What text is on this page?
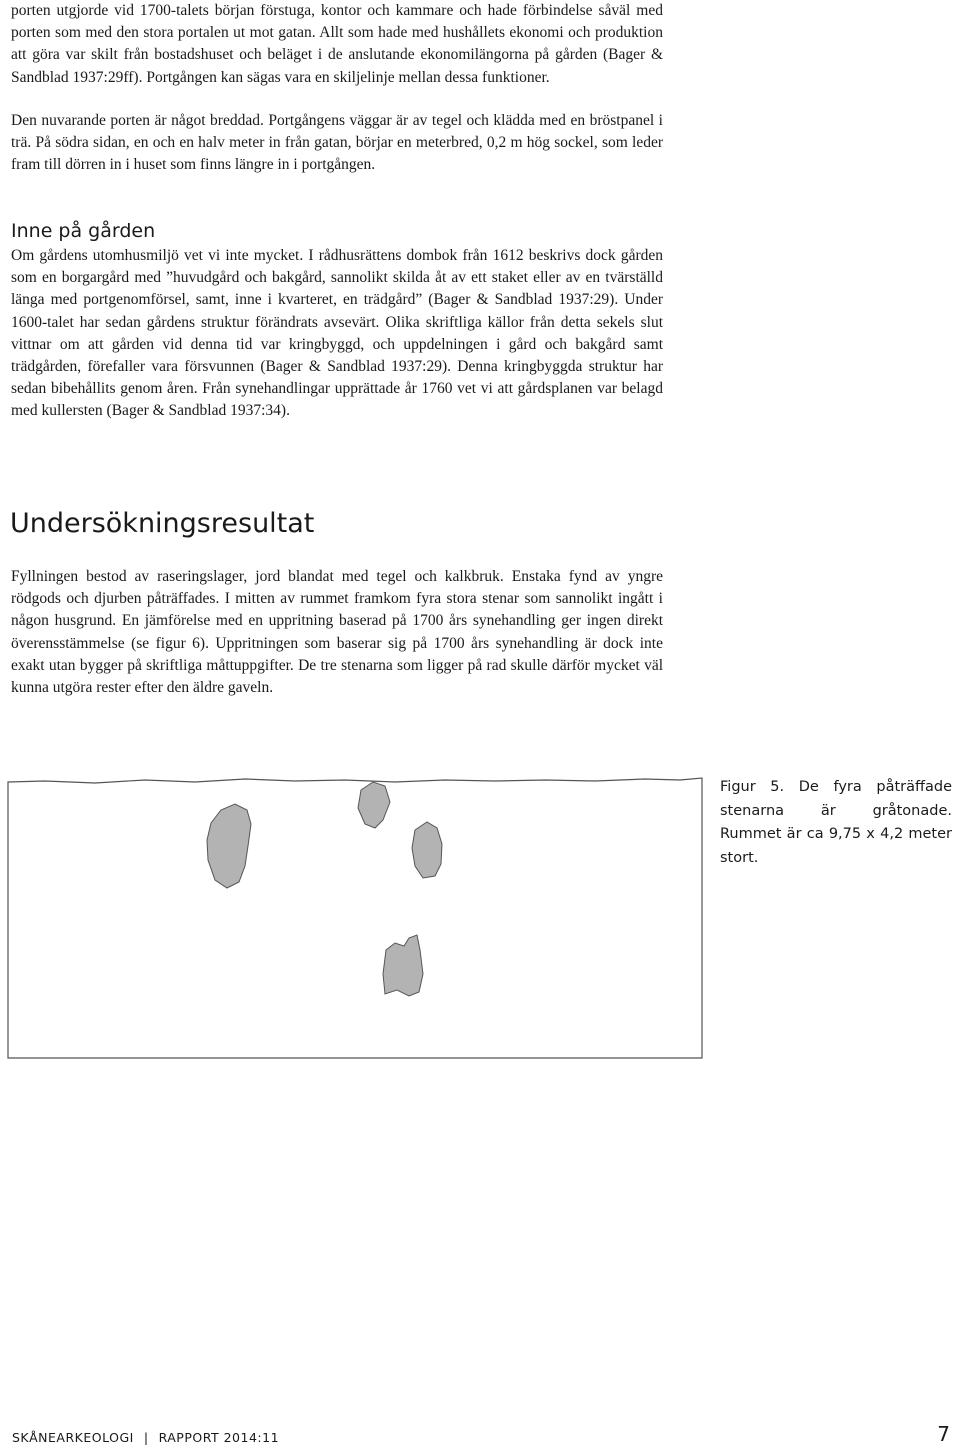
porten utgjorde vid 1700-talets början förstuga, kontor och kammare och hade förbindelse såväl med porten som med den stora portalen ut mot gatan. Allt som hade med hushållets ekonomi och produktion att göra var skilt från bostadshuset och beläget i de anslutande ekonomilängorna på gården (Bager & Sandblad 1937:29ff). Portgången kan sägas vara en skiljelinje mellan dessa funktioner.

Den nuvarande porten är något breddad. Portgångens väggar är av tegel och klädda med en bröstpanel i trä. På södra sidan, en och en halv meter in från gatan, börjar en meterbred, 0,2 m hög sockel, som leder fram till dörren in i huset som finns längre in i portgången.

Inne på gården

Om gårdens utomhusmiljö vet vi inte mycket. I rådhusrättens dombok från 1612 beskrivs dock gården som en borgargård med ”huvudgård och bakgård, sannolikt skilda åt av ett staket eller av en tvärställd länga med portgenomförsel, samt, inne i kvarteret, en trädgård” (Bager & Sandblad 1937:29). Under 1600-talet har sedan gårdens struktur förändrats avsevärt. Olika skriftliga källor från detta sekels slut vittnar om att gården vid denna tid var kringbyggd, och uppdelningen i gård och bakgård samt trädgården, förefaller vara försvunnen (Bager & Sandblad 1937:29). Denna kringbyggda struktur har sedan bibehållits genom åren. Från synehandlingar upprättade år 1760 vet vi att gårdsplanen var belagd med kullersten (Bager & Sandblad 1937:34).

Undersökningsresultat

Fyllningen bestod av raseringslager, jord blandat med tegel och kalkbruk. Enstaka fynd av yngre rödgods och djurben påträffades. I mitten av rummet framkom fyra stora stenar som sannolikt ingått i någon husgrund. En jämförelse med en uppritning baserad på 1700 års synehandling ger ingen direkt överensstämmelse (se figur 6). Uppritningen som baserar sig på 1700 års synehandling är dock inte exakt utan bygger på skriftliga måttuppgifter. De tre stenarna som ligger på rad skulle därför mycket väl kunna utgöra rester efter den äldre gaveln.

Figur 5. De fyra påträffade stenarna är gråtonade. Rummet är ca 9,75 x 4,2 meter stort.

SKÅNEARKEOLOGI | RAPPORT 2014:11	7
